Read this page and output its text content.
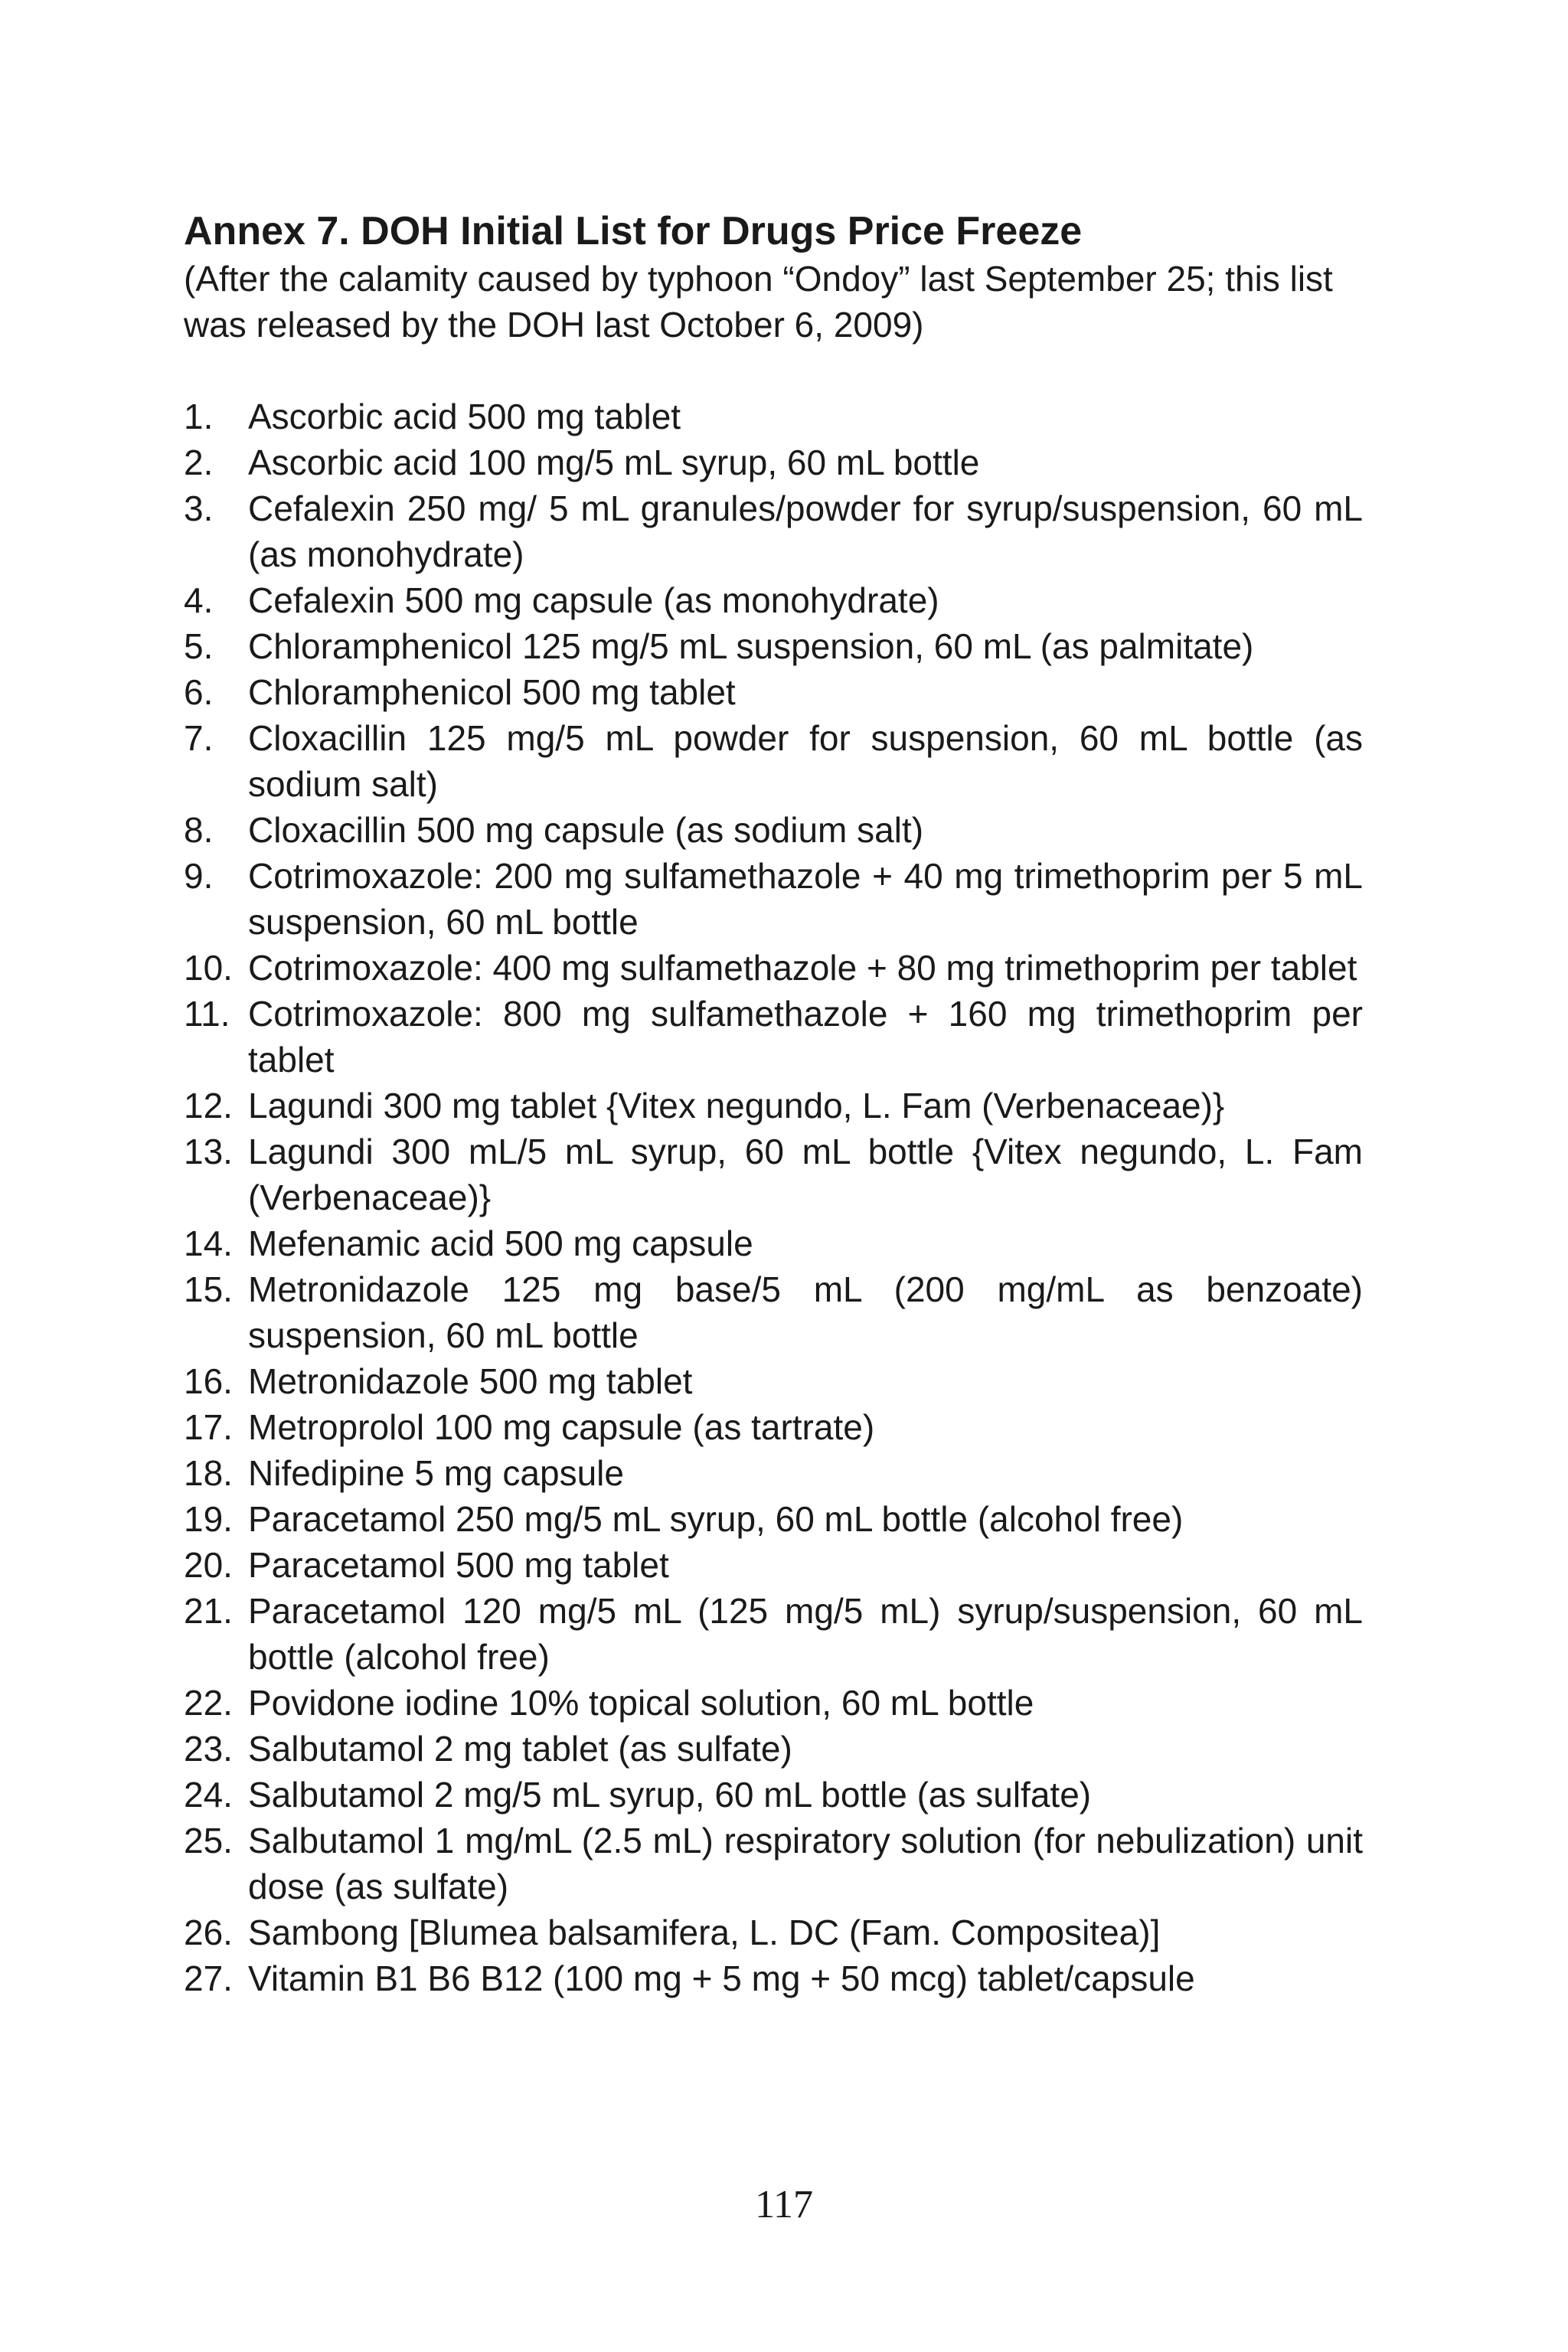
Annex 7. DOH Initial List for Drugs Price Freeze

(After the calamity caused by typhoon “Ondoy” last September 25; this list was released by the DOH last October 6, 2009)

1. Ascorbic acid 500 mg tablet
2. Ascorbic acid 100 mg/5 mL syrup, 60 mL bottle
3. Cefalexin 250 mg/ 5 mL granules/powder for syrup/suspension, 60 mL (as monohydrate)
4. Cefalexin 500 mg capsule (as monohydrate)
5. Chloramphenicol 125 mg/5 mL suspension, 60 mL (as palmitate)
6. Chloramphenicol 500 mg tablet
7. Cloxacillin 125 mg/5 mL powder for suspension, 60 mL bottle (as sodium salt)
8. Cloxacillin 500 mg capsule (as sodium salt)
9. Cotrimoxazole: 200 mg sulfamethazole + 40 mg trimethoprim per 5 mL suspension, 60 mL bottle
10. Cotrimoxazole: 400 mg sulfamethazole + 80 mg trimethoprim per tablet
11. Cotrimoxazole: 800 mg sulfamethazole + 160 mg trimethoprim per tablet
12. Lagundi 300 mg tablet {Vitex negundo, L. Fam (Verbenaceae)}
13. Lagundi 300 mL/5 mL syrup, 60 mL bottle {Vitex negundo, L. Fam (Verbenaceae)}
14. Mefenamic acid 500 mg capsule
15. Metronidazole 125 mg base/5 mL (200 mg/mL as benzoate) suspension, 60 mL bottle
16. Metronidazole 500 mg tablet
17. Metroprolol 100 mg capsule (as tartrate)
18. Nifedipine 5 mg capsule
19. Paracetamol 250 mg/5 mL syrup, 60 mL bottle (alcohol free)
20. Paracetamol 500 mg tablet
21. Paracetamol 120 mg/5 mL (125 mg/5 mL) syrup/suspension, 60 mL bottle (alcohol free)
22. Povidone iodine 10% topical solution, 60 mL bottle
23. Salbutamol 2 mg tablet (as sulfate)
24. Salbutamol 2 mg/5 mL syrup, 60 mL bottle (as sulfate)
25. Salbutamol 1 mg/mL (2.5 mL) respiratory solution (for nebulization) unit dose (as sulfate)
26. Sambong [Blumea balsamifera, L. DC (Fam. Compositea)]
27. Vitamin B1 B6 B12 (100 mg + 5 mg + 50 mcg) tablet/capsule
117
